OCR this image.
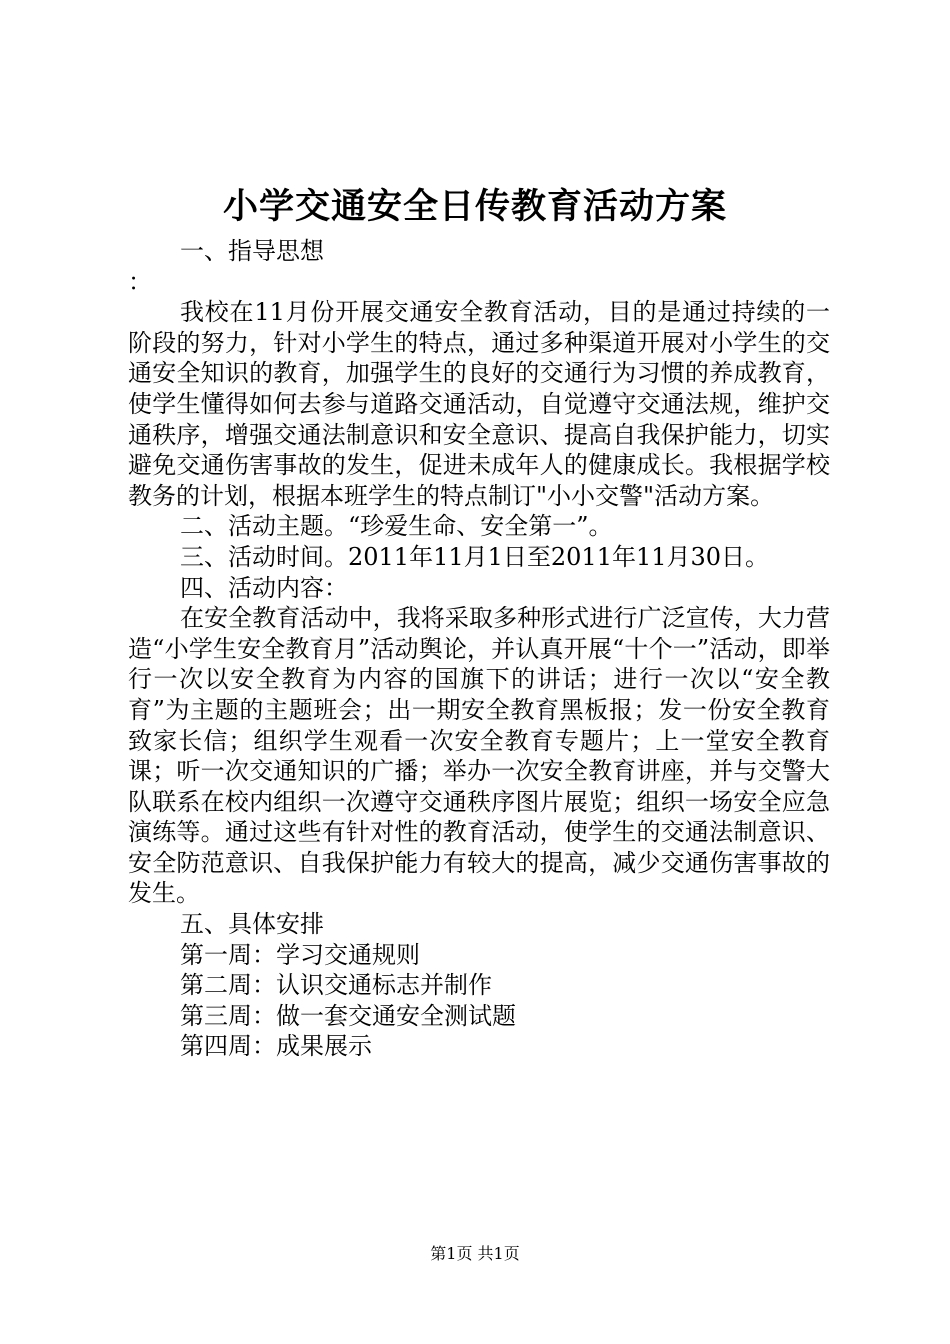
小学交通安全日传教育活动方案
一、指导思想
：
我校在11月份开展交通安全教育活动，目的是通过持续的一阶段的努力，针对小学生的特点，通过多种渠道开展对小学生的交通安全知识的教育，加强学生的良好的交通行为习惯的养成教育，使学生懂得如何去参与道路交通活动，自觉遵守交通法规，维护交通秩序，增强交通法制意识和安全意识、提高自我保护能力，切实避免交通伤害事故的发生，促进未成年人的健康成长。我根据学校教务的计划，根据本班学生的特点制订"小小交警"活动方案。
二、活动主题。“珍爱生命、安全第一”。
三、活动时间。2011年11月1日至2011年11月30日。
四、活动内容：
在安全教育活动中，我将采取多种形式进行广泛宣传，大力营造“小学生安全教育月”活动舆论，并认真开展“十个一”活动，即举行一次以安全教育为内容的国旗下的讲话；进行一次以“安全教育”为主题的主题班会；出一期安全教育黑板报；发一份安全教育致家长信；组织学生观看一次安全教育专题片；上一堂安全教育课；听一次交通知识的广播；举办一次安全教育讲座，并与交警大队联系在校内组织一次遵守交通秩序图片展览；组织一场安全应急演练等。通过这些有针对性的教育活动，使学生的交通法制意识、安全防范意识、自我保护能力有较大的提高，减少交通伤害事故的发生。
五、具体安排
第一周：学习交通规则
第二周：认识交通标志并制作
第三周：做一套交通安全测试题
第四周：成果展示
第1页 共1页
